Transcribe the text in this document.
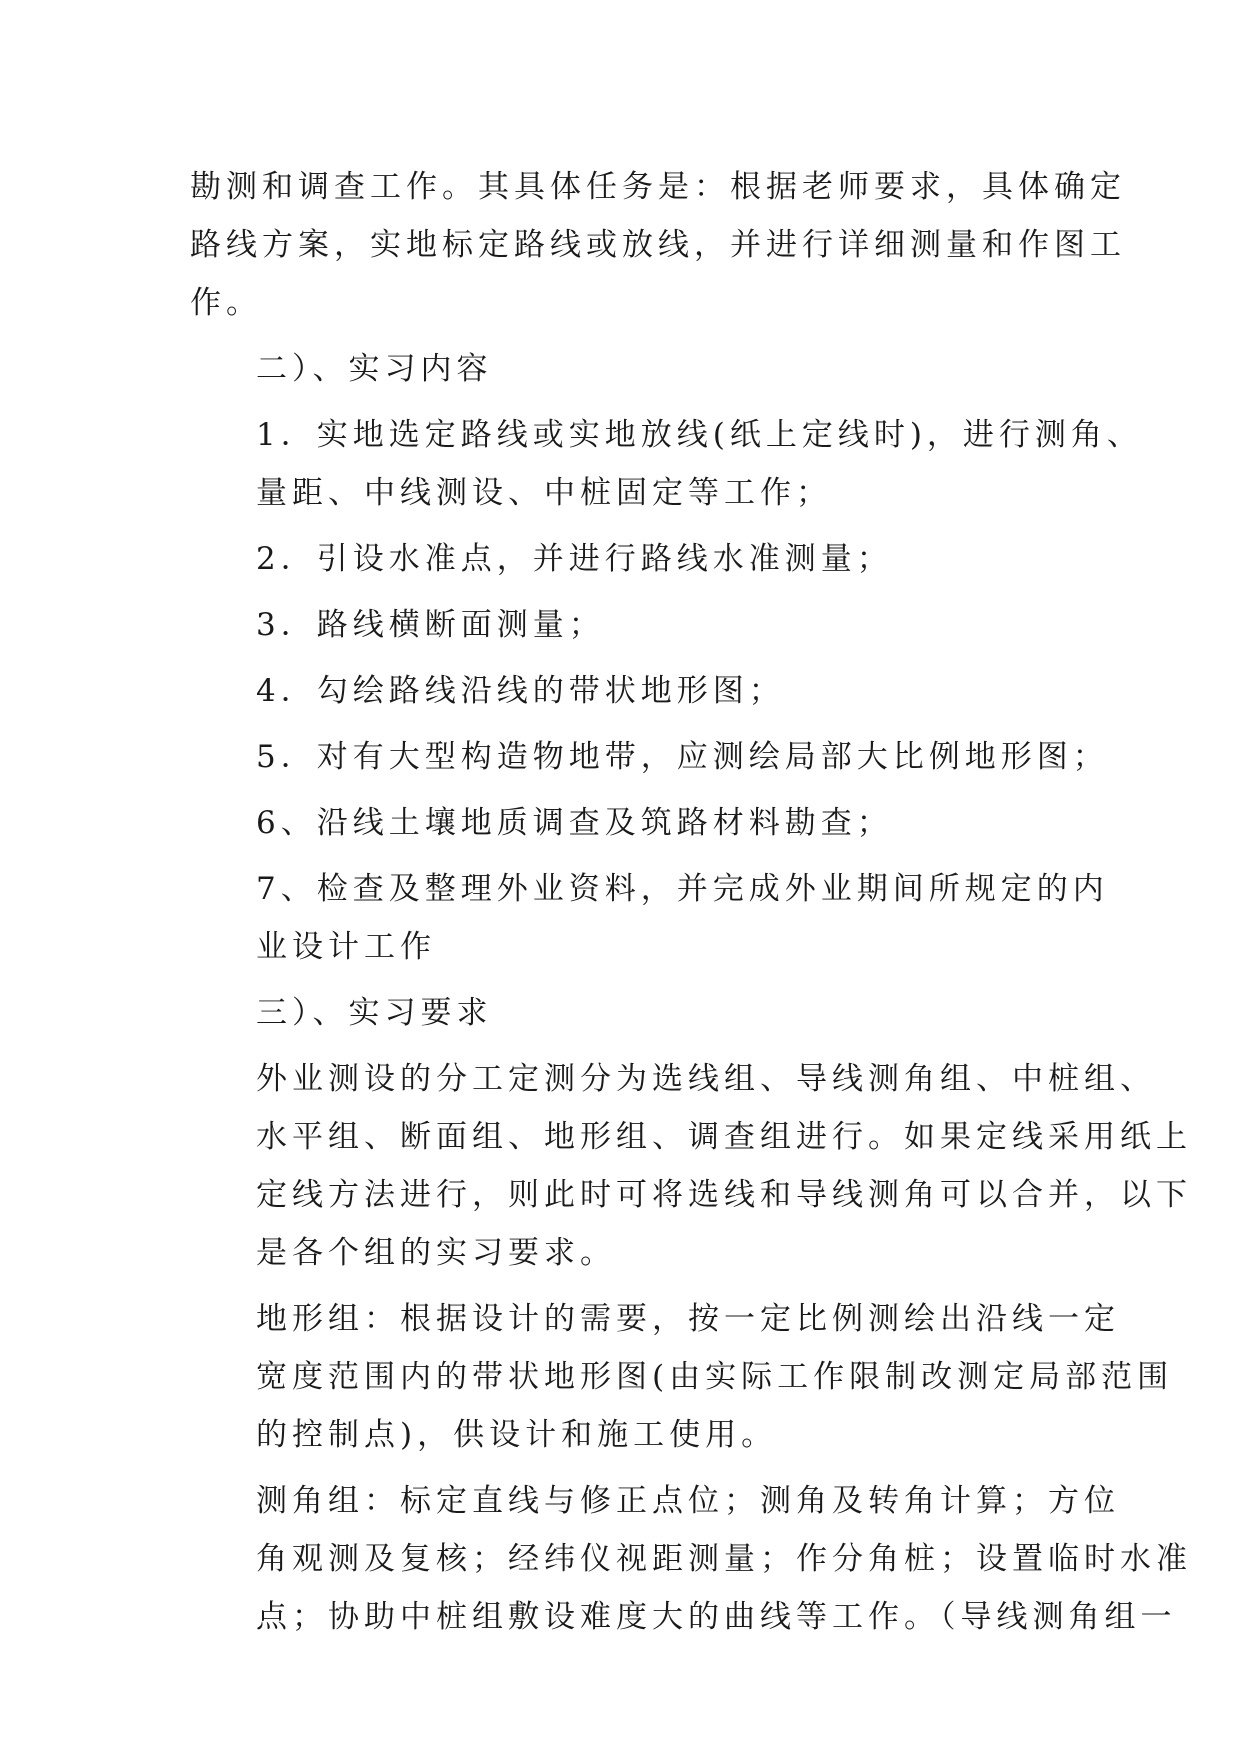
勘测和调查工作。其具体任务是：根据老师要求，具体确定
路线方案，实地标定路线或放线，并进行详细测量和作图工
作。
二）、实习内容
1．实地选定路线或实地放线(纸上定线时)，进行测角、
量距、中线测设、中桩固定等工作；
2．引设水准点，并进行路线水准测量；
3．路线横断面测量；
4．勾绘路线沿线的带状地形图；
5．对有大型构造物地带，应测绘局部大比例地形图；
6、沿线土壤地质调查及筑路材料勘查；
7、检查及整理外业资料，并完成外业期间所规定的内
业设计工作
三）、实习要求
外业测设的分工定测分为选线组、导线测角组、中桩组、
水平组、断面组、地形组、调查组进行。如果定线采用纸上
定线方法进行，则此时可将选线和导线测角可以合并，以下
是各个组的实习要求。
地形组：根据设计的需要，按一定比例测绘出沿线一定
宽度范围内的带状地形图(由实际工作限制改测定局部范围
的控制点)，供设计和施工使用。
测角组：标定直线与修正点位；测角及转角计算；方位
角观测及复核；经纬仪视距测量；作分角桩；设置临时水准
点；协助中桩组敷设难度大的曲线等工作。（导线测角组一
